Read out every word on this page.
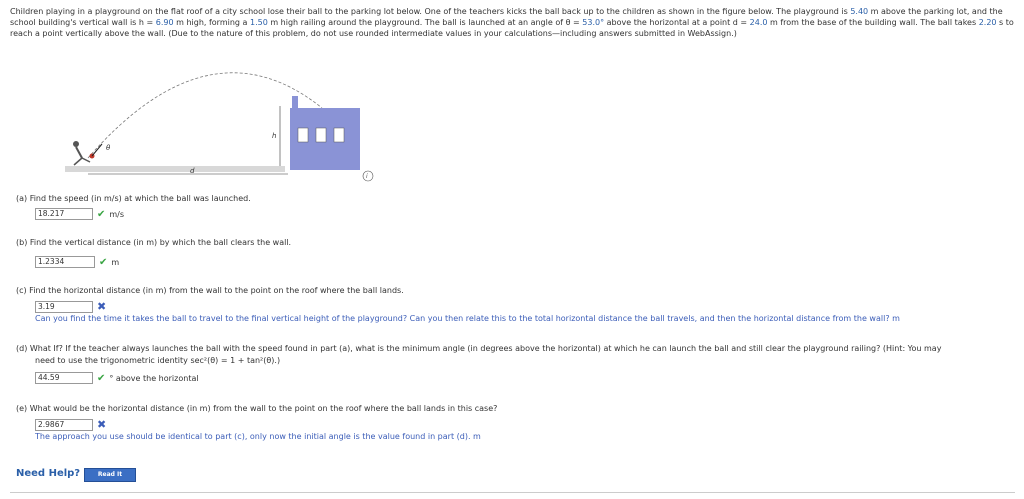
Children playing in a playground on the flat roof of a city school lose their ball to the parking lot below. One of the teachers kicks the ball back up to the children as shown in the figure below. The playground is 5.40 m above the parking lot, and the school building's vertical wall is h = 6.90 m high, forming a 1.50 m high railing around the playground. The ball is launched at an angle of θ = 53.0° above the horizontal at a point d = 24.0 m from the base of the building wall. The ball takes 2.20 s to reach a point vertically above the wall. (Due to the nature of this problem, do not use rounded intermediate values in your calculations—including answers submitted in WebAssign.)
θ
h
d
i
(a) Find the speed (in m/s) at which the ball was launched.
18.217	✔ m/s
(b) Find the vertical distance (in m) by which the ball clears the wall.
1.2334	✔ m
(c) Find the horizontal distance (in m) from the wall to the point on the roof where the ball lands.
3.19	✖
Can you find the time it takes the ball to travel to the final vertical height of the playground? Can you then relate this to the total horizontal distance the ball travels, and then the horizontal distance from the wall? m
(d) What If? If the teacher always launches the ball with the speed found in part (a), what is the minimum angle (in degrees above the horizontal) at which he can launch the ball and still clear the playground railing? (Hint: You may
need to use the trigonometric identity sec²(θ) = 1 + tan²(θ).)
44.59	✔ ° above the horizontal
(e) What would be the horizontal distance (in m) from the wall to the point on the roof where the ball lands in this case?
2.9867	✖
The approach you use should be identical to part (c), only now the initial angle is the value found in part (d). m
Need Help?	Read It
